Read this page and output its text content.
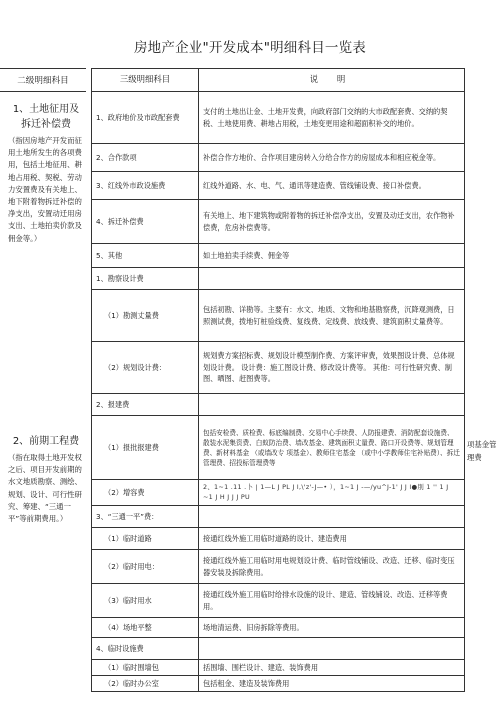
房地产企业"开发成本"明细科目一览表
二级明细科目
1、土地征用及拆迁补偿费
（指因房地产开发而征用土地所发生的各项费用，包括土地征用、耕地占用税、契税、劳动力安置费及有关地上、地下附着物拆迁补偿的净支出，安置动迁用房支出、土地拍卖价款及佣金等。）
2、前期工程费
（指在取得土地开发权之后、项目开发前期的水文地质勘察、测绘、规划、设计、可行性研究、筹建、“三通一平”等前期费用。）
三级明细科目	说 明
1、政府地价及市政配套费	支付的土地出让金、土地开发费，向政府部门交纳的大市政配套费、交纳的契税、土地使用费、耕地占用税，土地变更用途和超面积补交的地价。
2、合作款项	补偿合作方地价、合作项目建房转入分给合作方的房屋成本和相应税金等。
3、红线外市政设施费	红线外道路、水、电、气、通讯等建造费、管线铺设费、接口补偿费。
4、拆迁补偿费	有关地上、地下建筑物或附着物的拆迁补偿净支出，安置及动迁支出，农作物补偿费，危房补偿费等。
5、其他	如土地拍卖手续费、佣金等
1、勘察设计费	
（1）勘测丈量费	包括初勘、详勘等。主要有：水文、地质、文物和地基勘察费，沉降观测费，日照测试费，拨地钉桩验线费、复线费、定线费、放线费、建筑面积丈量费等。
（2）规划设计费：	规划费方案招标费、规划设计模型制作费、方案评审费，效果图设计费、总体规划设计费。 设计费：施工图设计费、修改设计费等。 其他：可行性研究费、制图、晒图、赶图费等。
2、报建费	
（1）报批报建费	包括安检费、质检费、标底编制费、交易中心手续费、人防报建费、消防配套设施费、散装水泥集资费、白蚁防治费、墙改基金、建筑面积丈量费、路口开设费等、规划管理费、新材料基金 （或墙改专 项基金）、教师住宅基金 （或中小学教师住宅补贴费）、拆迁管理费、招投标管理费等
（2）增容费	2、1~1 .11 .卜 | 1—L J PL J l,\'z'-J—• ），1~1 J -—/yu^J-1' J J l●刖 1 '' 1 J ~1 J H J J J PU
3、“三通一平”费：	
（1）临时道路	接通红线外施工用临时道路的设计、建造费用
（2）临时用电：	接通红线外施工用临时用电规划设计费、临时管线铺设、改造、迁移、临时变压器安装及拆除费用。
（3）临时用水	接通红线外施工用临时给排水设施的设计、建造、管线铺设、改造、迁移等费用。
（4）场地平整	场地清运费、旧房拆除等费用。
4、临时设施费	
（1）临时围墙包	括围墙、围栏设计、建造、装饰费用
（2）临时办公室	包括租金、建造及装饰费用
项基金管理费
